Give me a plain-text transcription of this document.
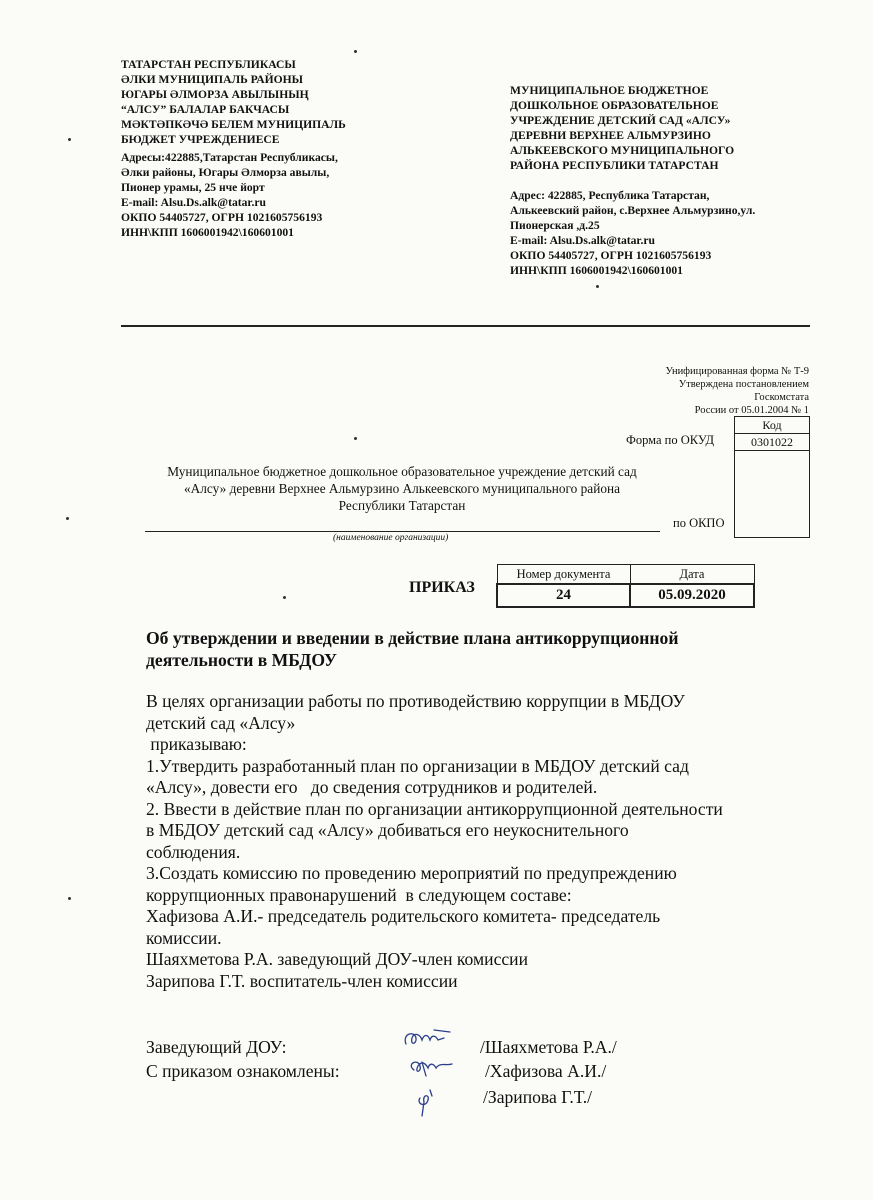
ТАТАРСТАН РЕСПУБЛИКАСЫ
ӘЛКИ МУНИЦИПАЛЬ РАЙОНЫ
ЮГАРЫ ӘЛМОРЗА АВЫЛЫНЫҢ
“АЛСУ” БАЛАЛАР БАКЧАСЫ
МӘКТӘПКӘЧӘ БЕЛЕМ МУНИЦИПАЛЬ
БЮДЖЕТ УЧРЕЖДЕНИЕСЕ
Адресы:422885,Татарстан Республикасы,
Әлки районы, Югары Әлморза авылы,
Пионер урамы, 25 нче йорт
E-mail: Alsu.Ds.alk@tatar.ru
ОКПО 54405727, ОГРН 1021605756193
ИНН\КПП 1606001942\160601001
МУНИЦИПАЛЬНОЕ БЮДЖЕТНОЕ
ДОШКОЛЬНОЕ ОБРАЗОВАТЕЛЬНОЕ
УЧРЕЖДЕНИЕ ДЕТСКИЙ САД «АЛСУ»
ДЕРЕВНИ ВЕРХНЕЕ АЛЬМУРЗИНО
АЛЬКЕЕВСКОГО МУНИЦИПАЛЬНОГО
РАЙОНА РЕСПУБЛИКИ ТАТАРСТАН
Адрес: 422885, Республика Татарстан,
Алькеевский район, с.Верхнее Альмурзино,ул.
Пионерская ,д.25
E-mail: Alsu.Ds.alk@tatar.ru
ОКПО 54405727, ОГРН 1021605756193
ИНН\КПП 1606001942\160601001
Унифицированная форма № Т-9
Утверждена постановлением
Госкомстата
России от 05.01.2004 № 1
Код
0301022

Форма по ОКУД
по ОКПО
Муниципальное бюджетное дошкольное образовательное учреждение детский сад
«Алсу» деревни Верхнее Альмурзино Алькеевского муниципального района
Республики Татарстан
(наименование организации)
ПРИКАЗ
Номер документа	Дата
24	05.09.2020
Об утверждении и введении в действие плана антикоррупционной
деятельности в МБДОУ
В целях организации работы по противодействию коррупции в МБДОУ
детский сад «Алсу»
приказываю:
1.Утвердить разработанный план по организации в МБДОУ детский сад
«Алсу», довести его   до сведения сотрудников и родителей.
2. Ввести в действие план по организации антикоррупционной деятельности
в МБДОУ детский сад «Алсу» добиваться его неукоснительного
соблюдения.
3.Создать комиссию по проведению мероприятий по предупреждению
коррупционных правонарушений  в следующем составе:
Хафизова А.И.- председатель родительского комитета- председатель
комиссии.
Шаяхметова Р.А. заведующий ДОУ-член комиссии
Зарипова Г.Т. воспитатель-член комиссии
Заведующий ДОУ:	/Шаяхметова Р.А./
С приказом ознакомлены:	/Хафизова А.И./
/Зарипова Г.Т./
